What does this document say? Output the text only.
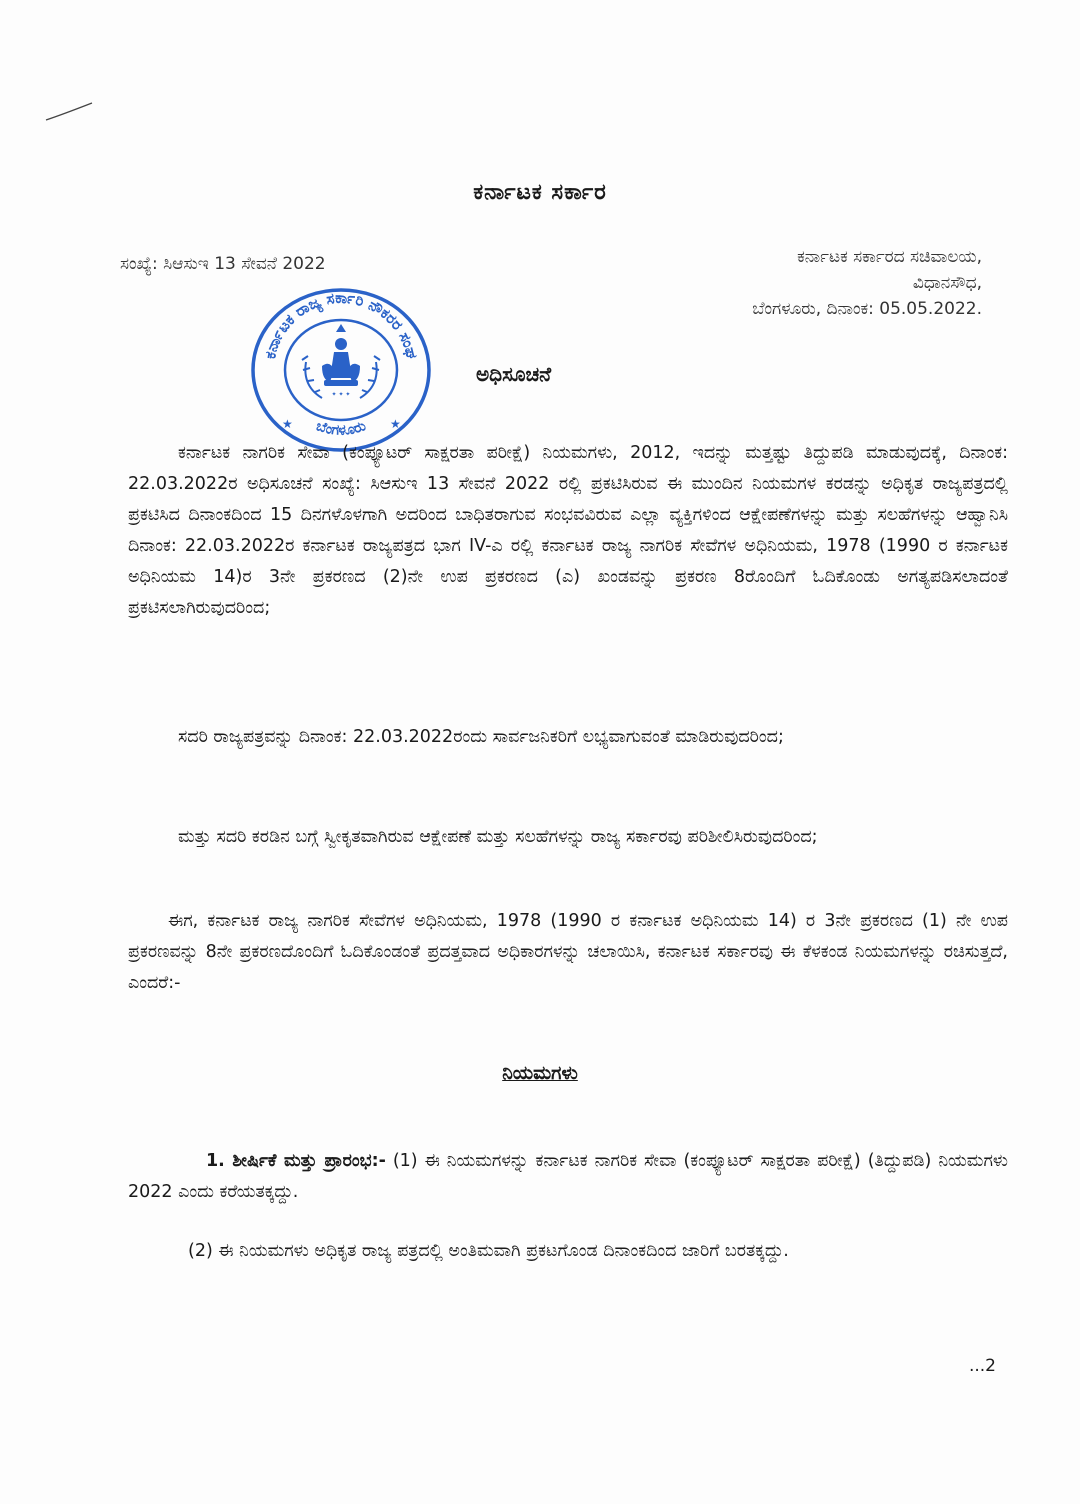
ಕರ್ನಾಟಕ ಸರ್ಕಾರ
ಸಂಖ್ಯೆ: ಸಿಆಸುಇ 13 ಸೇವನೆ 2022	ಕರ್ನಾಟಕ ಸರ್ಕಾರದ ಸಚಿವಾಲಯ,
ವಿಧಾನಸೌಧ,
ಬೆಂಗಳೂರು, ದಿನಾಂಕ: 05.05.2022.
ಕರ್ನಾಟಕ ರಾಜ್ಯ ಸರ್ಕಾರಿ ನೌಕರರ ಸಂಘ
ಬೆಂಗಳೂರು
✦ ✦ ✦
★	★
ಅಧಿಸೂಚನೆ

ಕರ್ನಾಟಕ ನಾಗರಿಕ ಸೇವಾ (ಕಂಪ್ಯೂಟರ್ ಸಾಕ್ಷರತಾ ಪರೀಕ್ಷೆ) ನಿಯಮಗಳು, 2012, ಇದನ್ನು ಮತ್ತಷ್ಟು ತಿದ್ದುಪಡಿ ಮಾಡುವುದಕ್ಕೆ, ದಿನಾಂಕ: 22.03.2022ರ ಅಧಿಸೂಚನೆ ಸಂಖ್ಯೆ: ಸಿಆಸುಇ 13 ಸೇವನೆ 2022 ರಲ್ಲಿ ಪ್ರಕಟಿಸಿರುವ ಈ ಮುಂದಿನ ನಿಯಮಗಳ ಕರಡನ್ನು ಅಧಿಕೃತ ರಾಜ್ಯಪತ್ರದಲ್ಲಿ ಪ್ರಕಟಿಸಿದ ದಿನಾಂಕದಿಂದ 15 ದಿನಗಳೊಳಗಾಗಿ ಅದರಿಂದ ಬಾಧಿತರಾಗುವ ಸಂಭವವಿರುವ ಎಲ್ಲಾ ವ್ಯಕ್ತಿಗಳಿಂದ ಆಕ್ಷೇಪಣೆಗಳನ್ನು ಮತ್ತು ಸಲಹೆಗಳನ್ನು ಆಹ್ವಾನಿಸಿ ದಿನಾಂಕ: 22.03.2022ರ ಕರ್ನಾಟಕ ರಾಜ್ಯಪತ್ರದ ಭಾಗ IV-ಎ ರಲ್ಲಿ ಕರ್ನಾಟಕ ರಾಜ್ಯ ನಾಗರಿಕ ಸೇವೆಗಳ ಅಧಿನಿಯಮ, 1978 (1990 ರ ಕರ್ನಾಟಕ ಅಧಿನಿಯಮ 14)ರ 3ನೇ ಪ್ರಕರಣದ (2)ನೇ ಉಪ ಪ್ರಕರಣದ (ಎ) ಖಂಡವನ್ನು ಪ್ರಕರಣ 8ರೊಂದಿಗೆ ಓದಿಕೊಂಡು ಅಗತ್ಯಪಡಿಸಲಾದಂತೆ ಪ್ರಕಟಿಸಲಾಗಿರುವುದರಿಂದ;

ಸದರಿ ರಾಜ್ಯಪತ್ರವನ್ನು ದಿನಾಂಕ: 22.03.2022ರಂದು ಸಾರ್ವಜನಿಕರಿಗೆ ಲಭ್ಯವಾಗುವಂತೆ ಮಾಡಿರುವುದರಿಂದ;

ಮತ್ತು ಸದರಿ ಕರಡಿನ ಬಗ್ಗೆ ಸ್ವೀಕೃತವಾಗಿರುವ ಆಕ್ಷೇಪಣೆ ಮತ್ತು ಸಲಹೆಗಳನ್ನು ರಾಜ್ಯ ಸರ್ಕಾರವು ಪರಿಶೀಲಿಸಿರುವುದರಿಂದ;

ಈಗ, ಕರ್ನಾಟಕ ರಾಜ್ಯ ನಾಗರಿಕ ಸೇವೆಗಳ ಅಧಿನಿಯಮ, 1978 (1990 ರ ಕರ್ನಾಟಕ ಅಧಿನಿಯಮ 14) ರ 3ನೇ ಪ್ರಕರಣದ (1) ನೇ ಉಪ ಪ್ರಕರಣವನ್ನು 8ನೇ ಪ್ರಕರಣದೊಂದಿಗೆ ಓದಿಕೊಂಡಂತೆ ಪ್ರದತ್ತವಾದ ಅಧಿಕಾರಗಳನ್ನು ಚಲಾಯಿಸಿ, ಕರ್ನಾಟಕ ಸರ್ಕಾರವು ಈ ಕೆಳಕಂಡ ನಿಯಮಗಳನ್ನು ರಚಿಸುತ್ತದೆ, ಎಂದರೆ:-

ನಿಯಮಗಳು

1. ಶೀರ್ಷಿಕೆ ಮತ್ತು ಪ್ರಾರಂಭ:- (1) ಈ ನಿಯಮಗಳನ್ನು ಕರ್ನಾಟಕ ನಾಗರಿಕ ಸೇವಾ (ಕಂಪ್ಯೂಟರ್ ಸಾಕ್ಷರತಾ ಪರೀಕ್ಷೆ) (ತಿದ್ದುಪಡಿ) ನಿಯಮಗಳು 2022 ಎಂದು ಕರೆಯತಕ್ಕದ್ದು.

(2) ಈ ನಿಯಮಗಳು ಅಧಿಕೃತ ರಾಜ್ಯ ಪತ್ರದಲ್ಲಿ ಅಂತಿಮವಾಗಿ ಪ್ರಕಟಗೊಂಡ ದಿನಾಂಕದಿಂದ ಜಾರಿಗೆ ಬರತಕ್ಕದ್ದು.

...2
